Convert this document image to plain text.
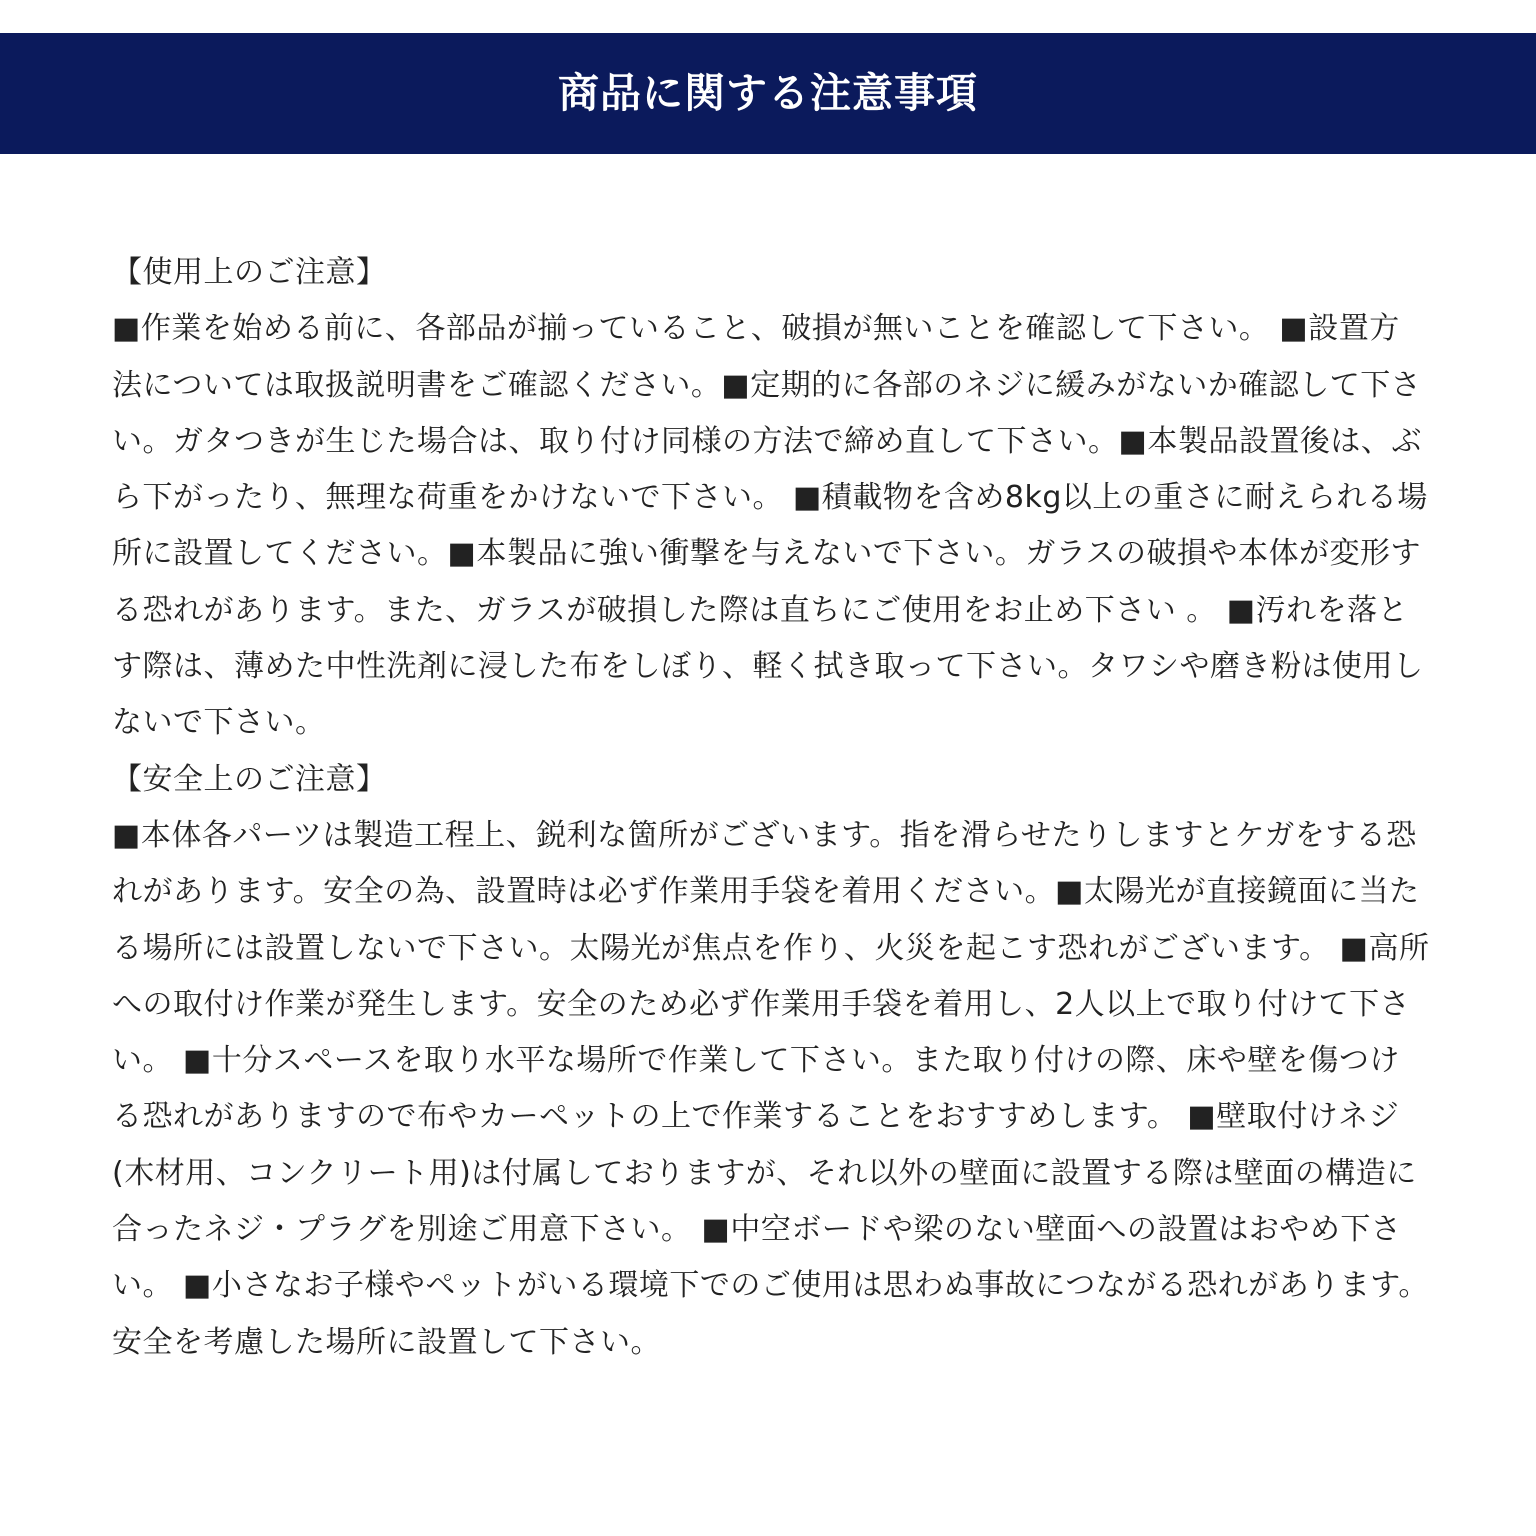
商品に関する注意事項
【使用上のご注意】
■作業を始める前に、各部品が揃っていること、破損が無いことを確認して下さい。 ■設置方法については取扱説明書をご確認ください。■定期的に各部のネジに緩みがないか確認して下さい。ガタつきが生じた場合は、取り付け同様の方法で締め直して下さい。■本製品設置後は、ぶら下がったり、無理な荷重をかけないで下さい。 ■積載物を含め8kg以上の重さに耐えられる場所に設置してください。■本製品に強い衝撃を与えないで下さい。ガラスの破損や本体が変形する恐れがあります。また、ガラスが破損した際は直ちにご使用をお止め下さい 。 ■汚れを落とす際は、薄めた中性洗剤に浸した布をしぼり、軽く拭き取って下さい。タワシや磨き粉は使用しないで下さい。
【安全上のご注意】
■本体各パーツは製造工程上、鋭利な箇所がございます。指を滑らせたりしますとケガをする恐れがあります。安全の為、設置時は必ず作業用手袋を着用ください。■太陽光が直接鏡面に当たる場所には設置しないで下さい。太陽光が焦点を作り、火災を起こす恐れがございます。 ■高所への取付け作業が発生します。安全のため必ず作業用手袋を着用し、2人以上で取り付けて下さい。 ■十分スペースを取り水平な場所で作業して下さい。また取り付けの際、床や壁を傷つける恐れがありますので布やカーペットの上で作業することをおすすめします。 ■壁取付けネジ(木材用、コンクリート用)は付属しておりますが、それ以外の壁面に設置する際は壁面の構造に合ったネジ・プラグを別途ご用意下さい。 ■中空ボードや梁のない壁面への設置はおやめ下さい。 ■小さなお子様やペットがいる環境下でのご使用は思わぬ事故につながる恐れがあります。安全を考慮した場所に設置して下さい。
